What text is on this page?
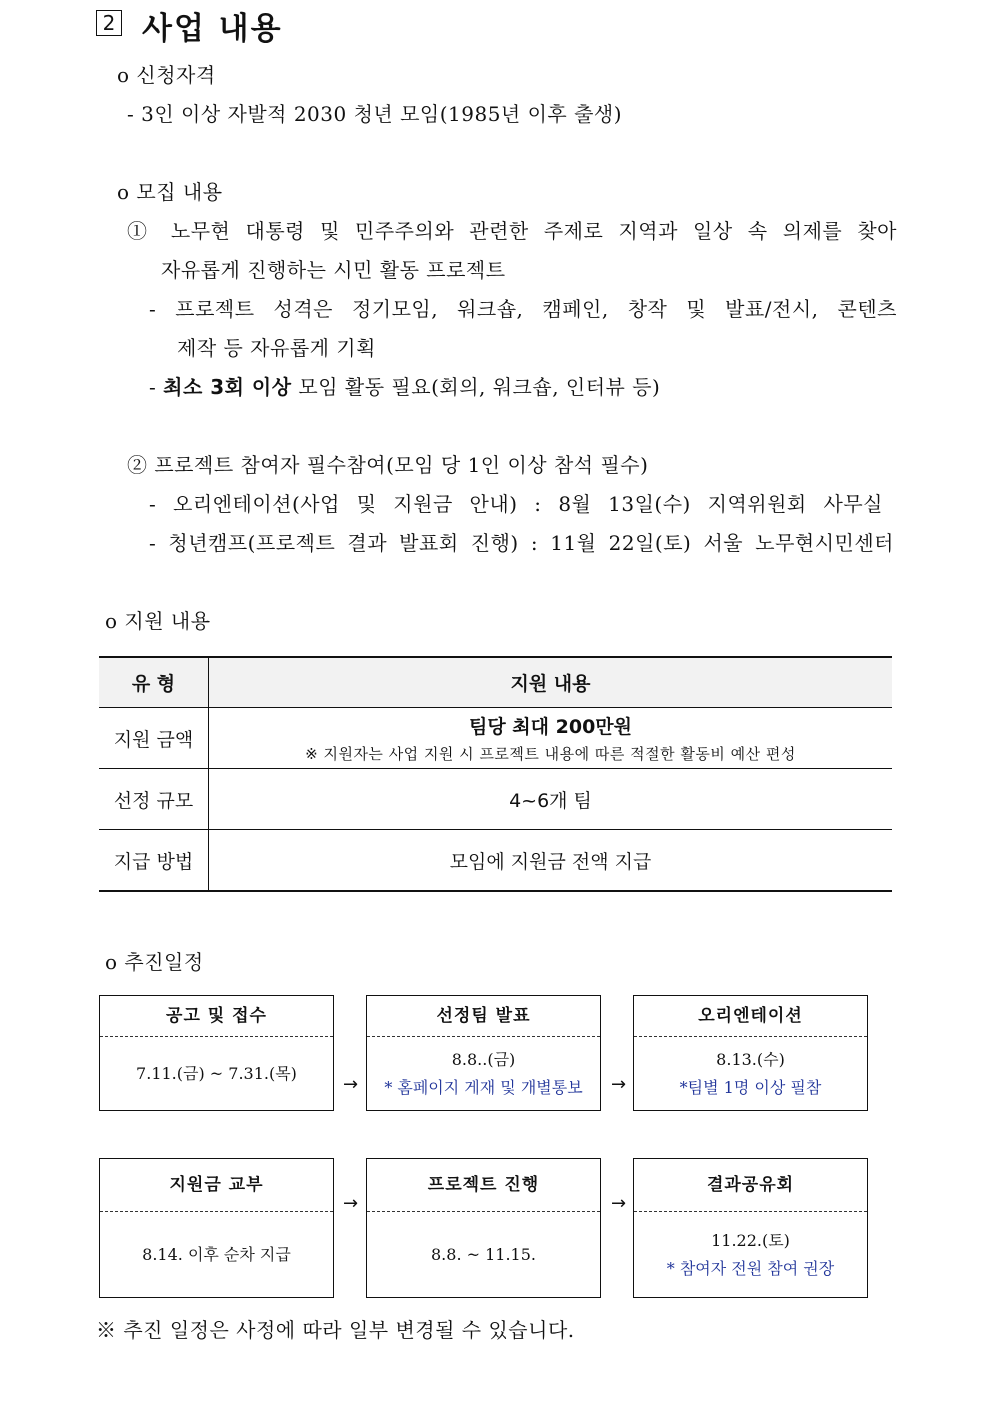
2 사업 내용
o 신청자격
- 3인 이상 자발적 2030 청년 모임(1985년 이후 출생)
o 모집 내용
① 노무현 대통령 및 민주주의와 관련한 주제로 지역과 일상 속 의제를 찾아
자유롭게 진행하는 시민 활동 프로젝트
- 프로젝트 성격은 정기모임, 워크숍, 캠페인, 창작 및 발표/전시, 콘텐츠
제작 등 자유롭게 기획
- 최소 3회 이상 모임 활동 필요(회의, 워크숍, 인터뷰 등)
② 프로젝트 참여자 필수참여(모임 당 1인 이상 참석 필수)
- 오리엔테이션(사업 및 지원금 안내) : 8월 13일(수) 지역위원회 사무실
- 청년캠프(프로젝트 결과 발표회 진행) : 11월 22일(토) 서울 노무현시민센터
o 지원 내용
유 형	지원 내용
지원 금액	팀당 최대 200만원
※ 지원자는 사업 지원 시 프로젝트 내용에 따른 적절한 활동비 예산 편성

선정 규모	4~6개 팀
지급 방법	모임에 지원금 전액 지급
o 추진일정
공고 및 접수
7.11.(금) ~ 7.31.(목)
→
선정팀 발표
8.8..(금)
* 홈페이지 게재 및 개별통보 →
오리엔테이션
8.13.(수)
*팀별 1명 이상 필참
지원금 교부
8.14. 이후 순차 지급
→
프로젝트 진행
8.8. ~ 11.15.
→
결과공유회
11.22.(토)
* 참여자 전원 참여 권장
※ 추진 일정은 사정에 따라 일부 변경될 수 있습니다.
